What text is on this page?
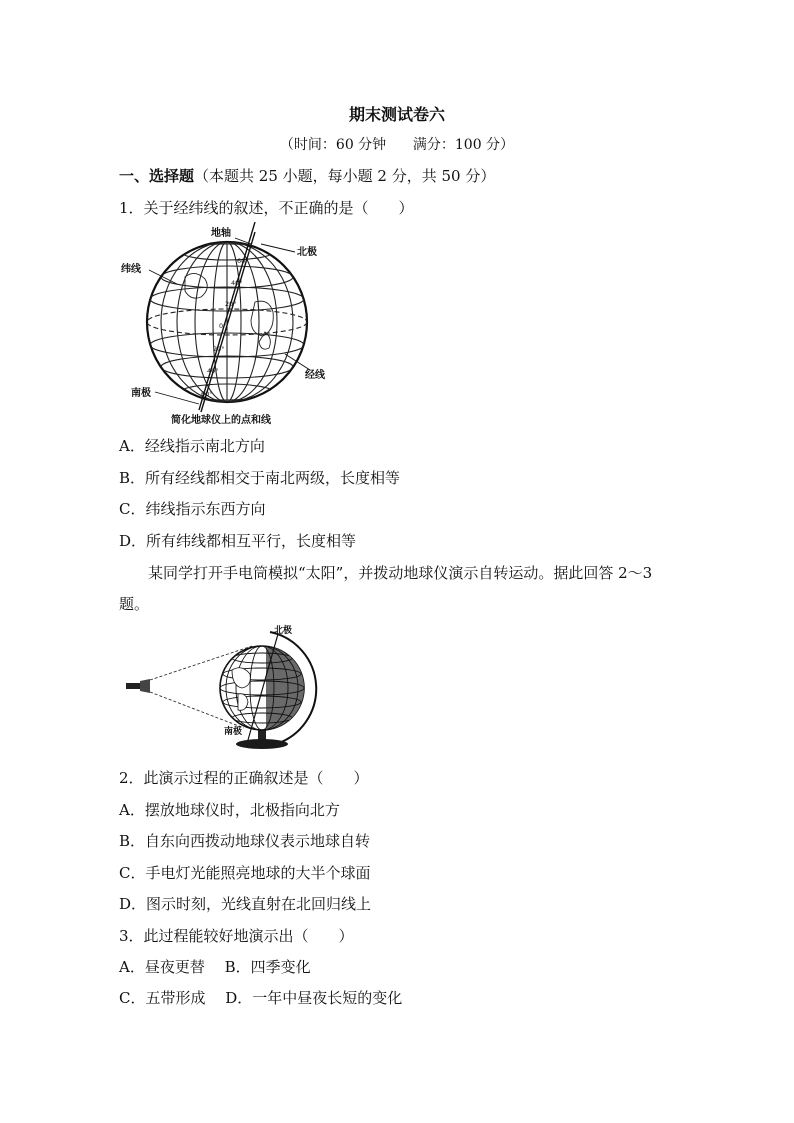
期末测试卷六
（时间：60 分钟      满分：100 分）
一、选择题（本题共 25 小题，每小题 2 分，共 50 分）
1．关于经纬线的叙述，不正确的是（　　）
60°
40°
20°
0°
20°
40°
60°
地轴
北极
纬线
经线
南极
简化地球仪上的点和线
A．经线指示南北方向
B．所有经线都相交于南北两级，长度相等
C．纬线指示东西方向
D．所有纬线都相互平行，长度相等
某同学打开手电筒模拟“太阳”，并拨动地球仪演示自转运动。据此回答 2～3
题。
北极
南极
2．此演示过程的正确叙述是（　　）
A．摆放地球仪时，北极指向北方
B．自东向西拨动地球仪表示地球自转
C．手电灯光能照亮地球的大半个球面
D．图示时刻，光线直射在北回归线上
3．此过程能较好地演示出（　　）
A．昼夜更替　 B．四季变化
C．五带形成　 D．一年中昼夜长短的变化
